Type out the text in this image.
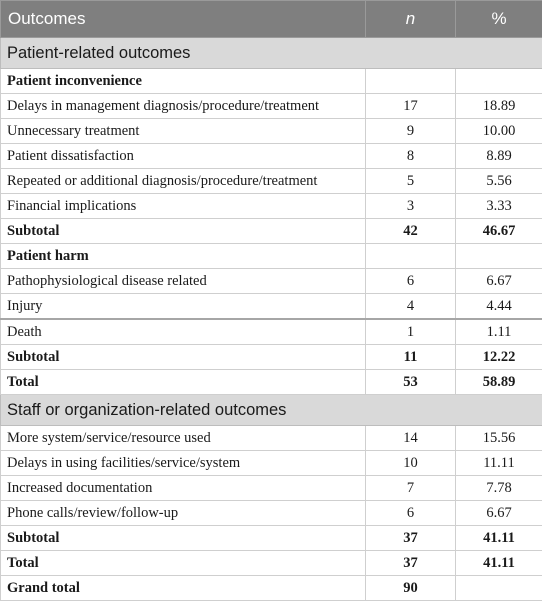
Outcomes	n	%
Patient-related outcomes		
Patient inconvenience		
Delays in management diagnosis/procedure/treatment	17	18.89
Unnecessary treatment	9	10.00
Patient dissatisfaction	8	8.89
Repeated or additional diagnosis/procedure/treatment	5	5.56
Financial implications	3	3.33
Subtotal	42	46.67
Patient harm		
Pathophysiological disease related	6	6.67
Injury	4	4.44
Death	1	1.11
Subtotal	11	12.22
Total	53	58.89
Staff or organization-related outcomes		
More system/service/resource used	14	15.56
Delays in using facilities/service/system	10	11.11
Increased documentation	7	7.78
Phone calls/review/follow-up	6	6.67
Subtotal	37	41.11
Total	37	41.11
Grand total	90	
